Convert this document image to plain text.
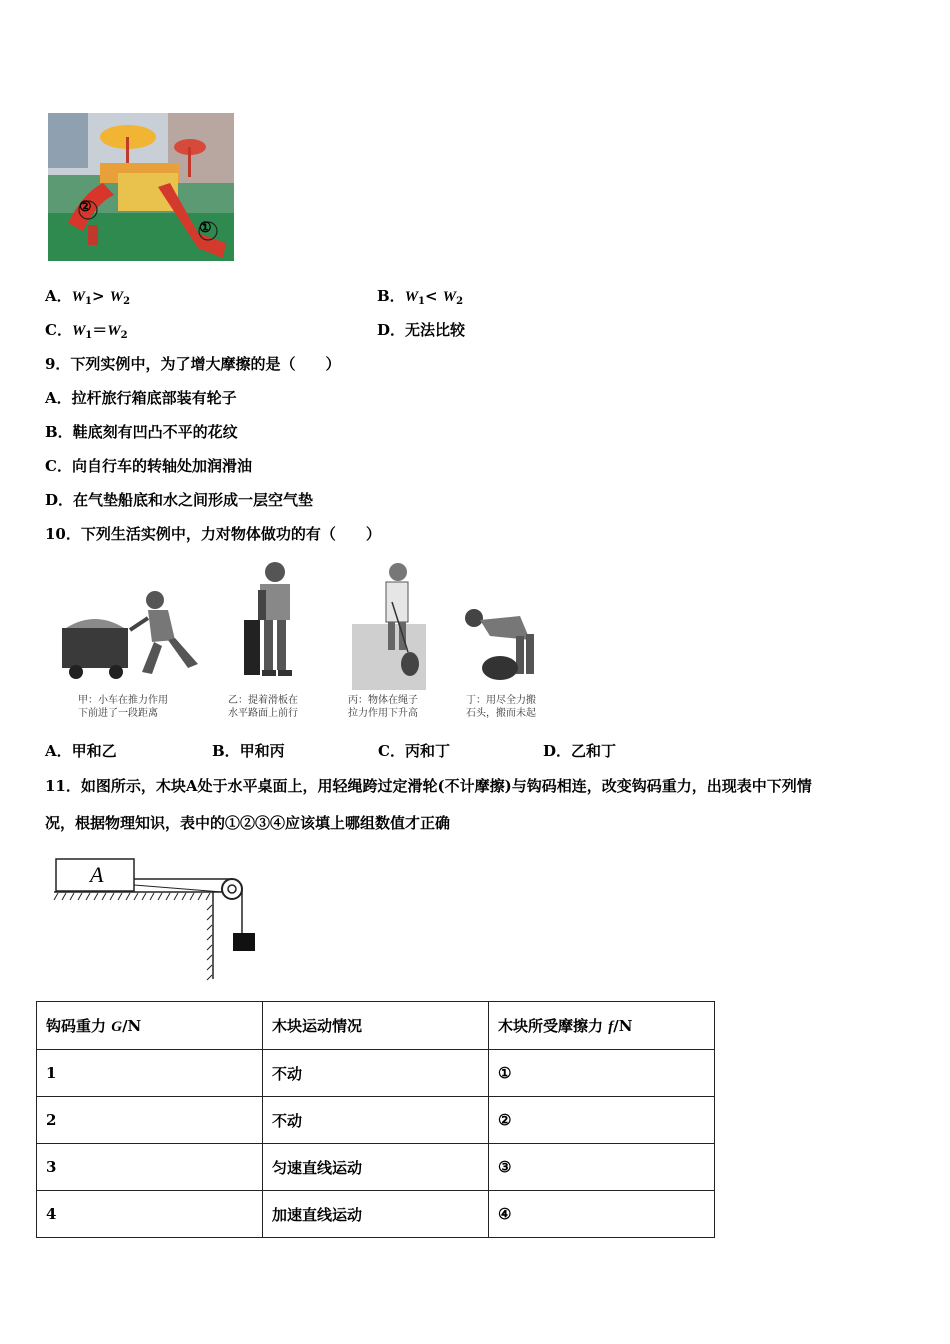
②
①
A．$W_1> W_2$	B．$W_1< W_2$
C．$W_1=W_2$	D．无法比较
9．下列实例中，为了增大摩擦的是（　　）
A．拉杆旅行箱底部装有轮子
B．鞋底刻有凹凸不平的花纹
C．向自行车的转轴处加润滑油
D．在气垫船底和水之间形成一层空气垫
10．下列生活实例中，力对物体做功的有（　　）
甲：小车在推力作用
下前进了一段距离
乙：提着滑板在
水平路面上前行
丙：物体在绳子
拉力作用下升高
丁：用尽全力搬
石头，搬而未起
A．甲和乙	B．甲和丙	C．丙和丁	D．乙和丁
11．如图所示，木块A处于水平桌面上，用轻绳跨过定滑轮(不计摩擦)与钩码相连，改变钩码重力，出现表中下列情
况，根据物理知识，表中的①②③④应该填上哪组数值才正确
A
钩码重力 G/N	木块运动情况	木块所受摩擦力 f/N
1	不动	①
2	不动	②
3	匀速直线运动	③
4	加速直线运动	④
